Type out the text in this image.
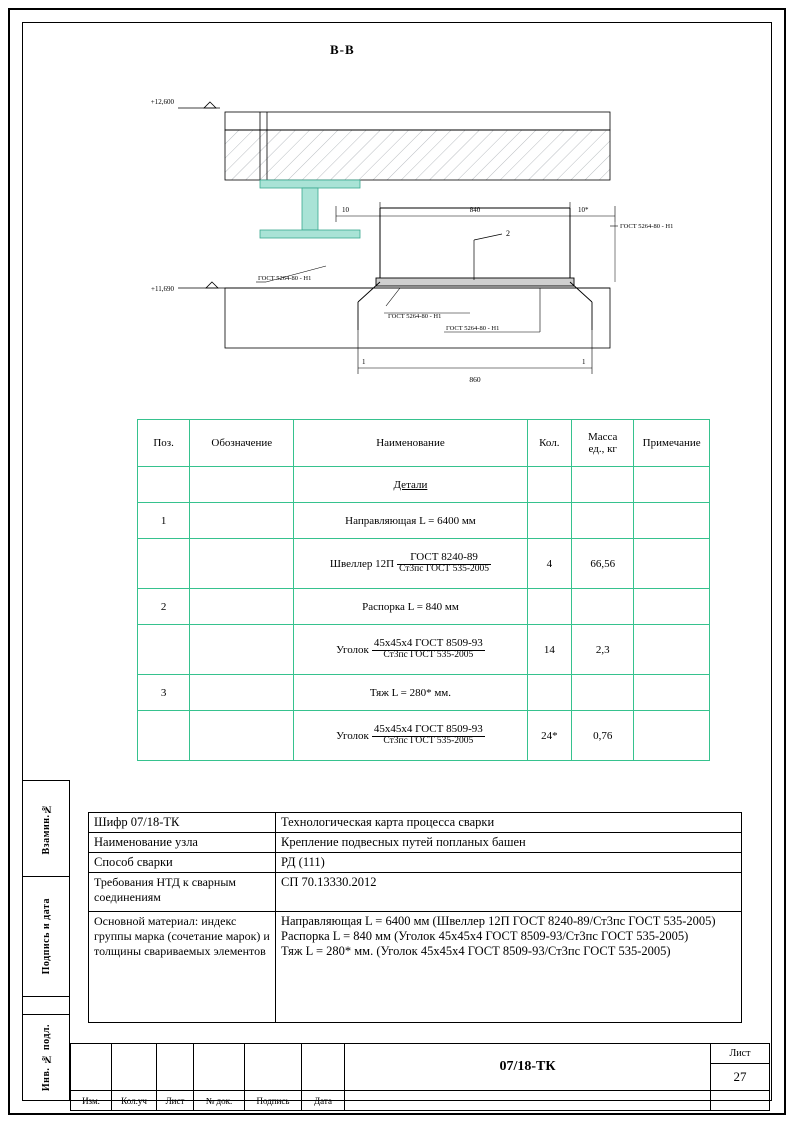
Взамин.№
Подпись и дата
Инв. № подл.
В-В
+12,600
+11,690
2
10	840	10*
860
1	1
ГОСТ 5264-80 - Н1
ГОСТ 5264-80 - Н1
ГОСТ 5264-80 - Н1
ГОСТ 5264-80 - Н1
Поз.	Обозначение	Наименование	Кол.	Масса
ед., кг	Примечание
		Детали			
1		Направляющая L = 6400 мм			
		Швеллер $12П \frac{\text{ГОСТ 8240-89}}{\text{Ст3пс ГОСТ 535-2005}}$	4	66,56	
2		Распорка L = 840 мм			
		Уголок $\frac{\text{45х45х4 ГОСТ 8509-93}}{\text{Ст3пс ГОСТ 535-2005}}$	14	2,3	
3		Тяж L = 280* мм.			
		Уголок $\frac{\text{45х45х4 ГОСТ 8509-93}}{\text{Ст3пс ГОСТ 535-2005}}$	24*	0,76	
Шифр 07/18-ТК	Технологическая карта процесса сварки
Наименование узла	Крепление подвесных путей попланых башен
Способ сварки	РД (111)
Требования НТД к сварным соединениям	СП 70.13330.2012
Основной материал: индекс группы марка (сочетание марок) и толщины свариваемых элементов	Направляющая L = 6400 мм (Швеллер 12П ГОСТ 8240-89/Ст3пс ГОСТ 535-2005)
Распорка L = 840 мм (Уголок 45х45х4 ГОСТ 8509-93/Ст3пс ГОСТ 535-2005)
Тяж L = 280* мм. (Уголок 45х45х4 ГОСТ 8509-93/Ст3пс ГОСТ 535-2005)
						07/18-ТК	Лист
							27
Изм.	Кол.уч	Лист	№ док.	Подпись	Дата		
